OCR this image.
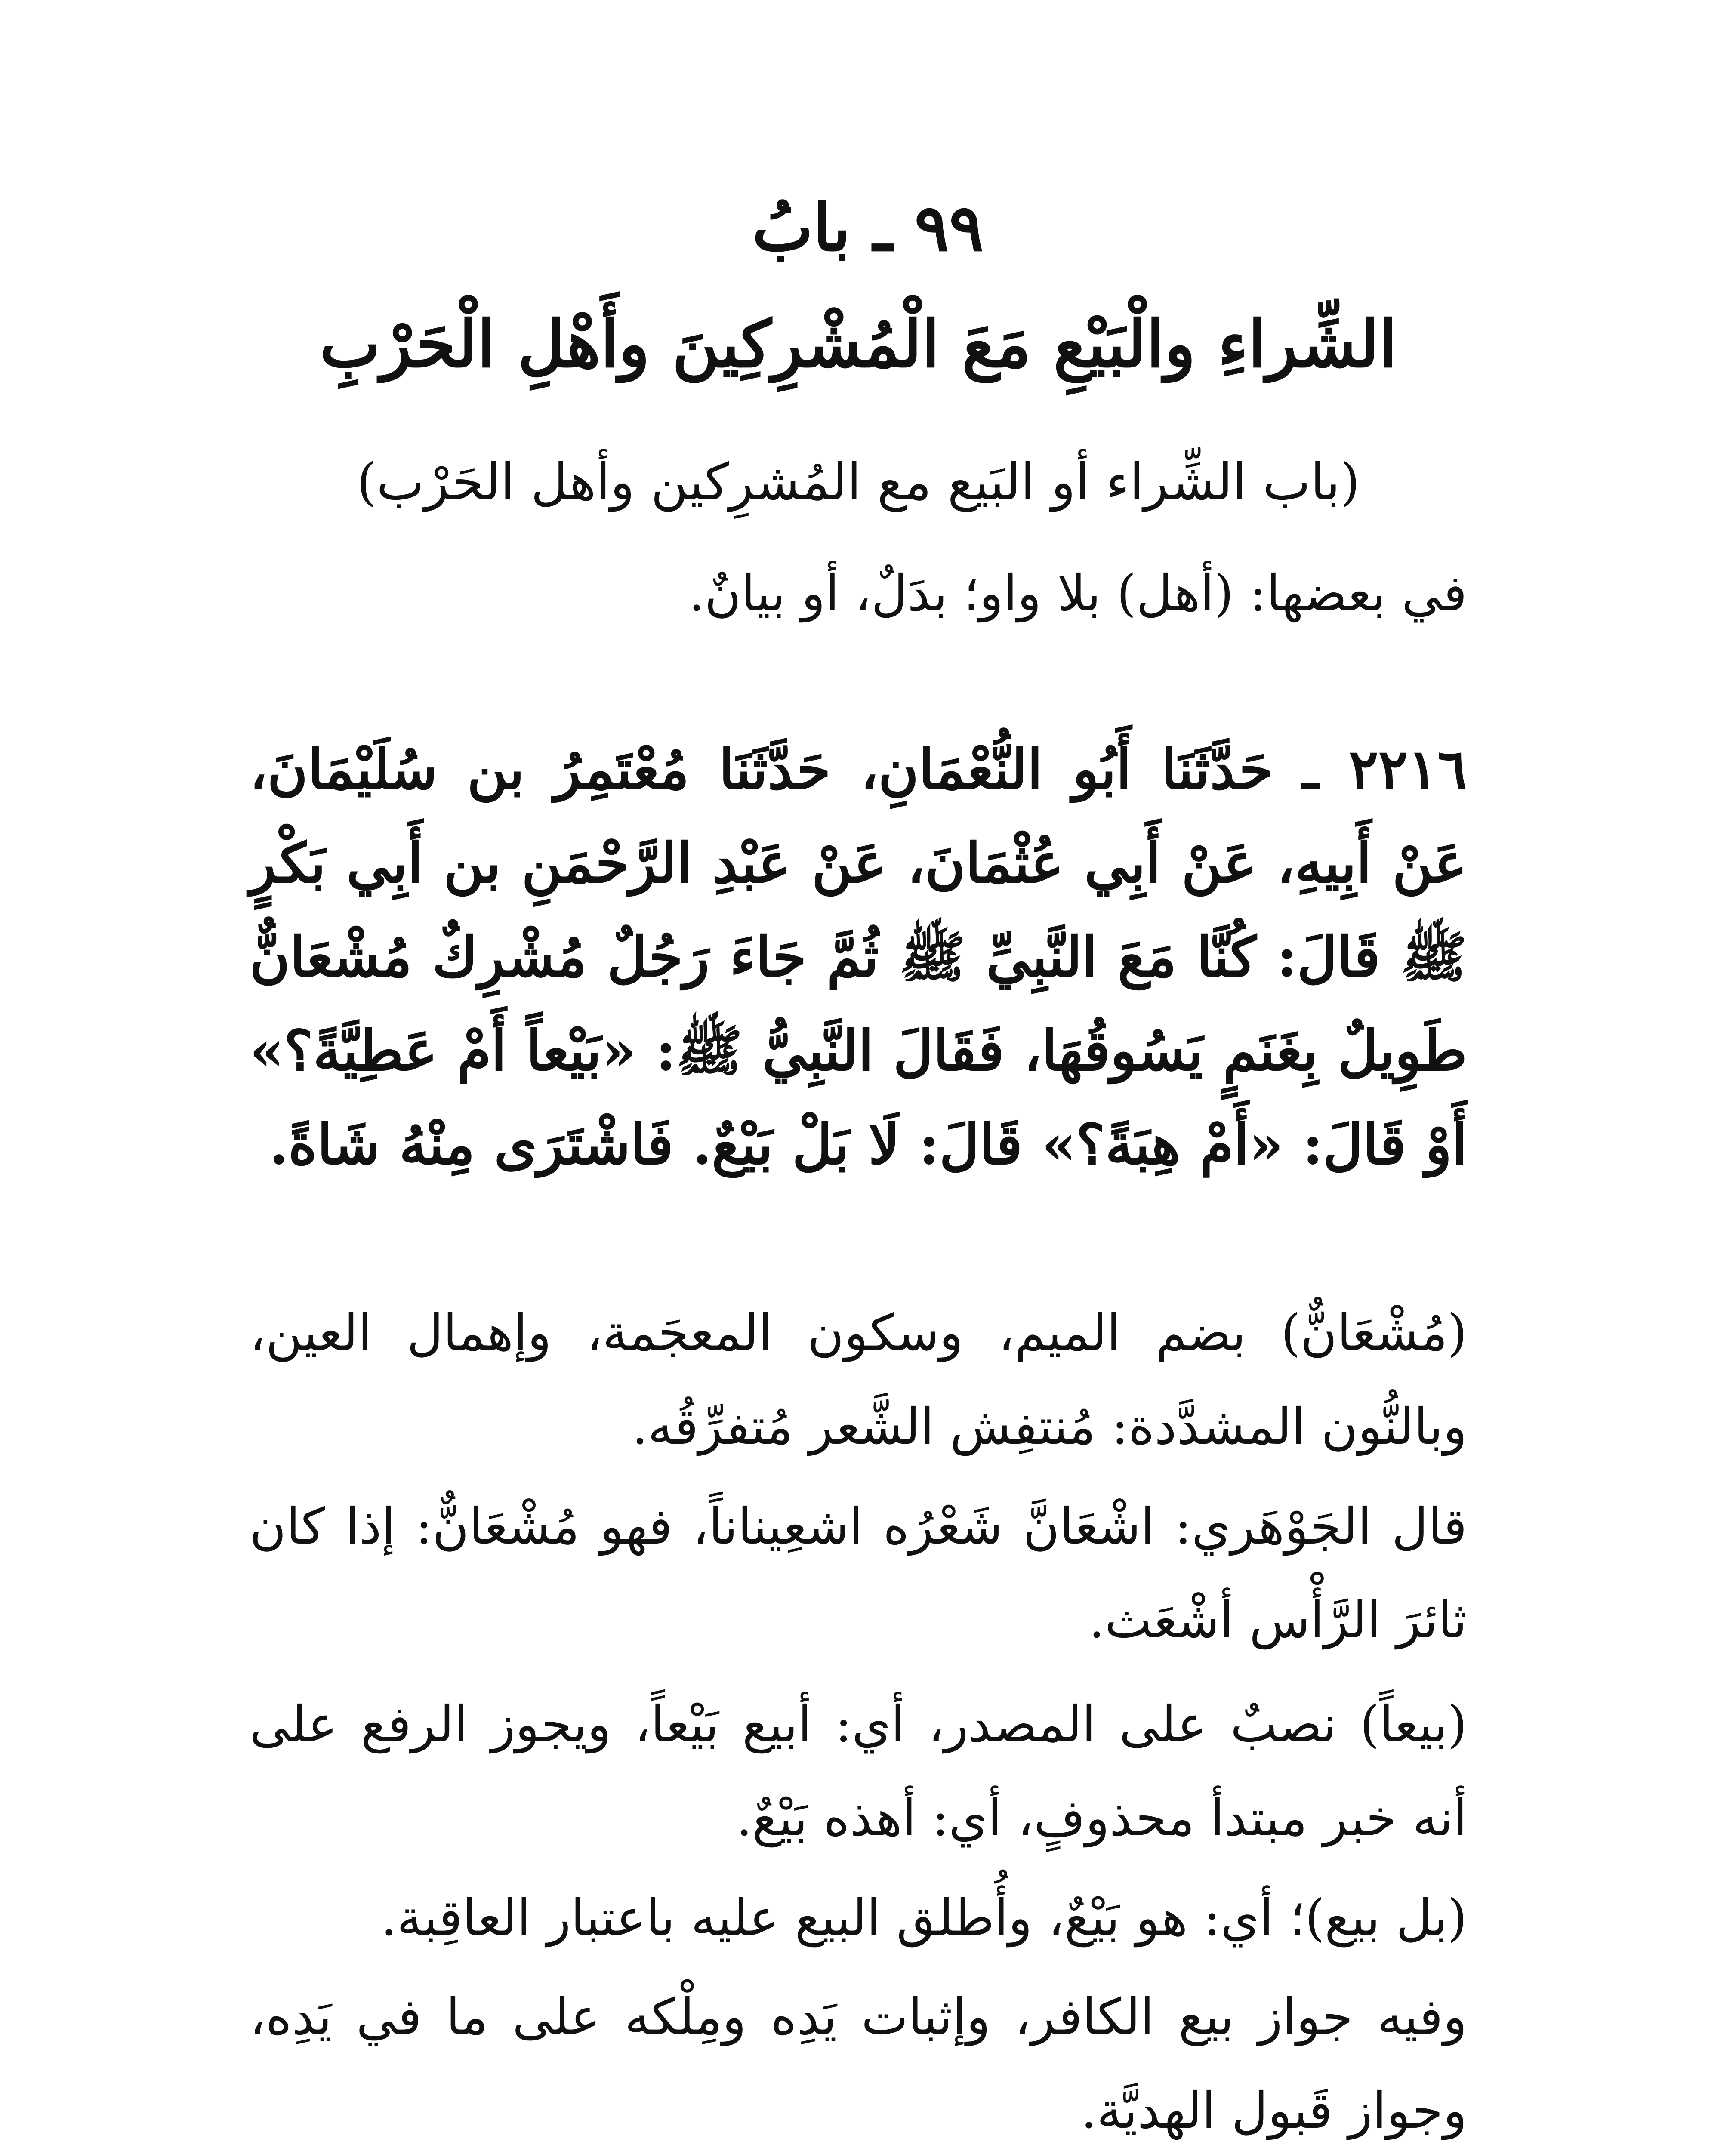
٩٩ ـ بابُ
الشِّراءِ والْبَيْعِ مَعَ الْمُشْرِكِينَ وأَهْلِ الْحَرْبِ
(باب الشِّراء أو البَيع مع المُشرِكين وأهل الحَرْب)
في بعضها: (أهل) بلا واو؛ بدَلٌ، أو بيانٌ.
٢٢١٦ ـ حَدَّثَنَا أَبُو النُّعْمَانِ، حَدَّثَنَا مُعْتَمِرُ بن سُلَيْمَانَ، عَنْ أَبِيهِ، عَنْ أَبِي عُثْمَانَ، عَنْ عَبْدِ الرَّحْمَنِ بن أَبِي بَكْرٍ ﷺ قَالَ: كُنَّا مَعَ النَّبِيِّ ﷺ ثُمَّ جَاءَ رَجُلٌ مُشْرِكٌ مُشْعَانٌّ طَوِيلٌ بِغَنَمٍ يَسُوقُهَا، فَقَالَ النَّبِيُّ ﷺ: «بَيْعاً أَمْ عَطِيَّةً؟» أَوْ قَالَ: «أَمْ هِبَةً؟» قَالَ: لَا بَلْ بَيْعٌ. فَاشْتَرَى مِنْهُ شَاةً.
(مُشْعَانٌّ) بضم الميم، وسكون المعجَمة، وإهمال العين، وبالنُّون المشدَّدة: مُنتفِش الشَّعر مُتفرِّقُه.
قال الجَوْهَري: اشْعَانَّ شَعْرُه اشعِيناناً، فهو مُشْعَانٌّ: إذا كان ثائرَ الرَّأْس أشْعَث.
(بيعاً) نصبٌ على المصدر، أي: أبيع بَيْعاً، ويجوز الرفع على أنه خبر مبتدأ محذوفٍ، أي: أهذه بَيْعٌ.
(بل بيع)؛ أي: هو بَيْعٌ، وأُطلق البيع عليه باعتبار العاقِبة.
وفيه جواز بيع الكافر، وإثبات يَدِه ومِلْكه على ما في يَدِه، وجواز قَبول الهديَّة.
